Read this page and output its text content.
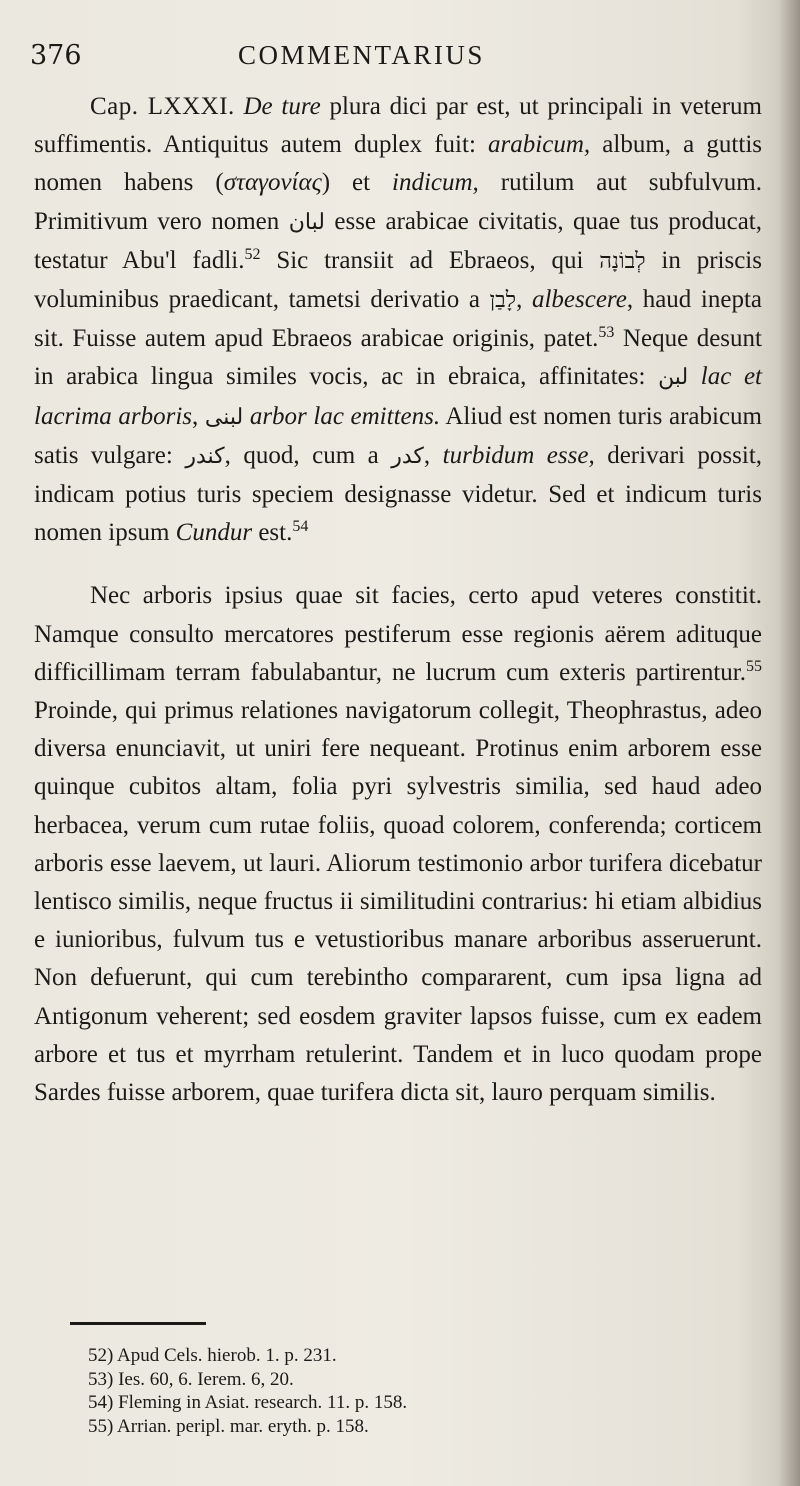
376	COMMENTARIUS

Cap. LXXXI. De ture plura dici par est, ut principali in veterum suffimentis. Antiquitus autem duplex fuit: arabicum, album, a guttis nomen habens (σταγονίας) et indicum, rutilum aut subfulvum. Primitivum vero nomen لبان esse arabicae civitatis, quae tus producat, testatur Abu'l fadli.$^{52}$ Sic transiit ad Ebraeos, qui לְבוֹנָה in priscis voluminibus praedicant, tametsi derivatio a לָבַן, albescere, haud inepta sit. Fuisse autem apud Ebraeos arabicae originis, patet.$^{53}$ Neque desunt in arabica lingua similes vocis, ac in ebraica, affinitates: لبن lac et lacrima arboris, لبنى arbor lac emittens. Aliud est nomen turis arabicum satis vulgare: كندر, quod, cum a كدر, turbidum esse, derivari possit, indicam potius turis speciem designasse videtur. Sed et indicum turis nomen ipsum Cundur est.$^{54}$

Nec arboris ipsius quae sit facies, certo apud veteres constitit. Namque consulto mercatores pestiferum esse regionis aërem adituque difficillimam terram fabulabantur, ne lucrum cum exteris partirentur.$^{55}$ Proinde, qui primus relationes navigatorum collegit, Theophrastus, adeo diversa enunciavit, ut uniri fere nequeant. Protinus enim arborem esse quinque cubitos altam, folia pyri sylvestris similia, sed haud adeo herbacea, verum cum rutae foliis, quoad colorem, conferenda; corticem arboris esse laevem, ut lauri. Aliorum testimonio arbor turifera dicebatur lentisco similis, neque fructus ii similitudini contrarius: hi etiam albidius e iunioribus, fulvum tus e vetustioribus manare arboribus asseruerunt. Non defuerunt, qui cum terebintho compararent, cum ipsa ligna ad Antigonum veherent; sed eosdem graviter lapsos fuisse, cum ex eadem arbore et tus et myrrham retulerint. Tandem et in luco quodam prope Sardes fuisse arborem, quae turifera dicta sit, lauro perquam similis.

52) Apud Cels. hierob. 1. p. 231.
53) Ies. 60, 6. Ierem. 6, 20.
54) Fleming in Asiat. research. 11. p. 158.
55) Arrian. peripl. mar. eryth. p. 158.
